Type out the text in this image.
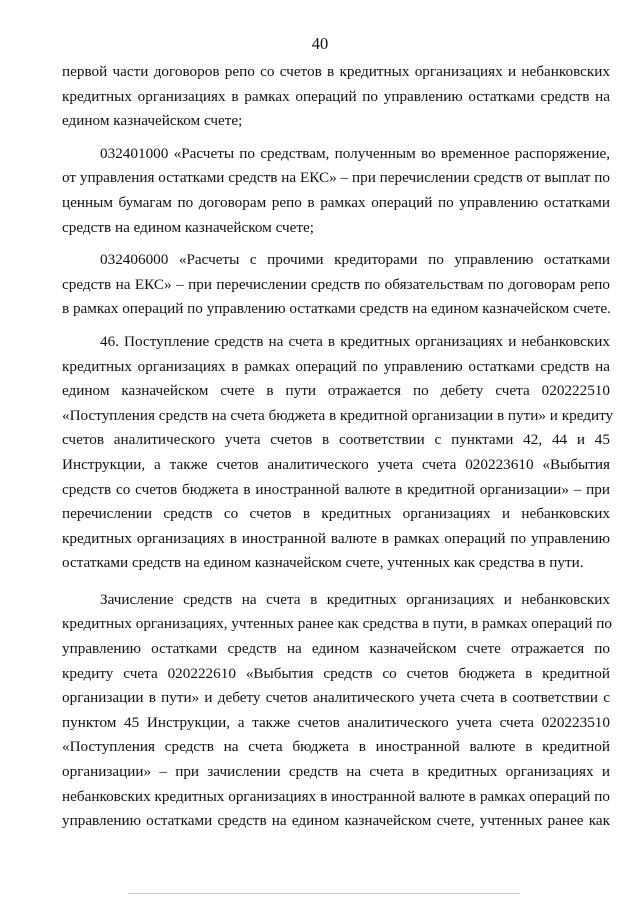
40
первой части договоров репо со счетов в кредитных организациях и небанковских
кредитных организациях в рамках операций по управлению остатками средств на
едином казначейском счете;
032401000 «Расчеты по средствам, полученным во временное распоряжение,
от управления остатками средств на ЕКС» – при перечислении средств от выплат по
ценным бумагам по договорам репо в рамках операций по управлению остатками
средств на едином казначейском счете;
032406000 «Расчеты с прочими кредиторами по управлению остатками
средств на ЕКС» – при перечислении средств по обязательствам по договорам репо
в рамках операций по управлению остатками средств на едином казначейском счете.
46. Поступление средств на счета в кредитных организациях и небанковских
кредитных организациях в рамках операций по управлению остатками средств на
едином казначейском счете в пути отражается по дебету счета 020222510
«Поступления средств на счета бюджета в кредитной организации в пути» и кредиту
счетов аналитического учета счетов в соответствии с пунктами 42, 44 и 45
Инструкции, а также счетов аналитического учета счета 020223610 «Выбытия
средств со счетов бюджета в иностранной валюте в кредитной организации» – при
перечислении средств со счетов в кредитных организациях и небанковских
кредитных организациях в иностранной валюте в рамках операций по управлению
остатками средств на едином казначейском счете, учтенных как средства в пути.
Зачисление средств на счета в кредитных организациях и небанковских
кредитных организациях, учтенных ранее как средства в пути, в рамках операций по
управлению остатками средств на едином казначейском счете отражается по
кредиту счета 020222610 «Выбытия средств со счетов бюджета в кредитной
организации в пути» и дебету счетов аналитического учета счета в соответствии с
пунктом 45 Инструкции, а также счетов аналитического учета счета 020223510
«Поступления средств на счета бюджета в иностранной валюте в кредитной
организации» – при зачислении средств на счета в кредитных организациях и
небанковских кредитных организациях в иностранной валюте в рамках операций по
управлению остатками средств на едином казначейском счете, учтенных ранее как
